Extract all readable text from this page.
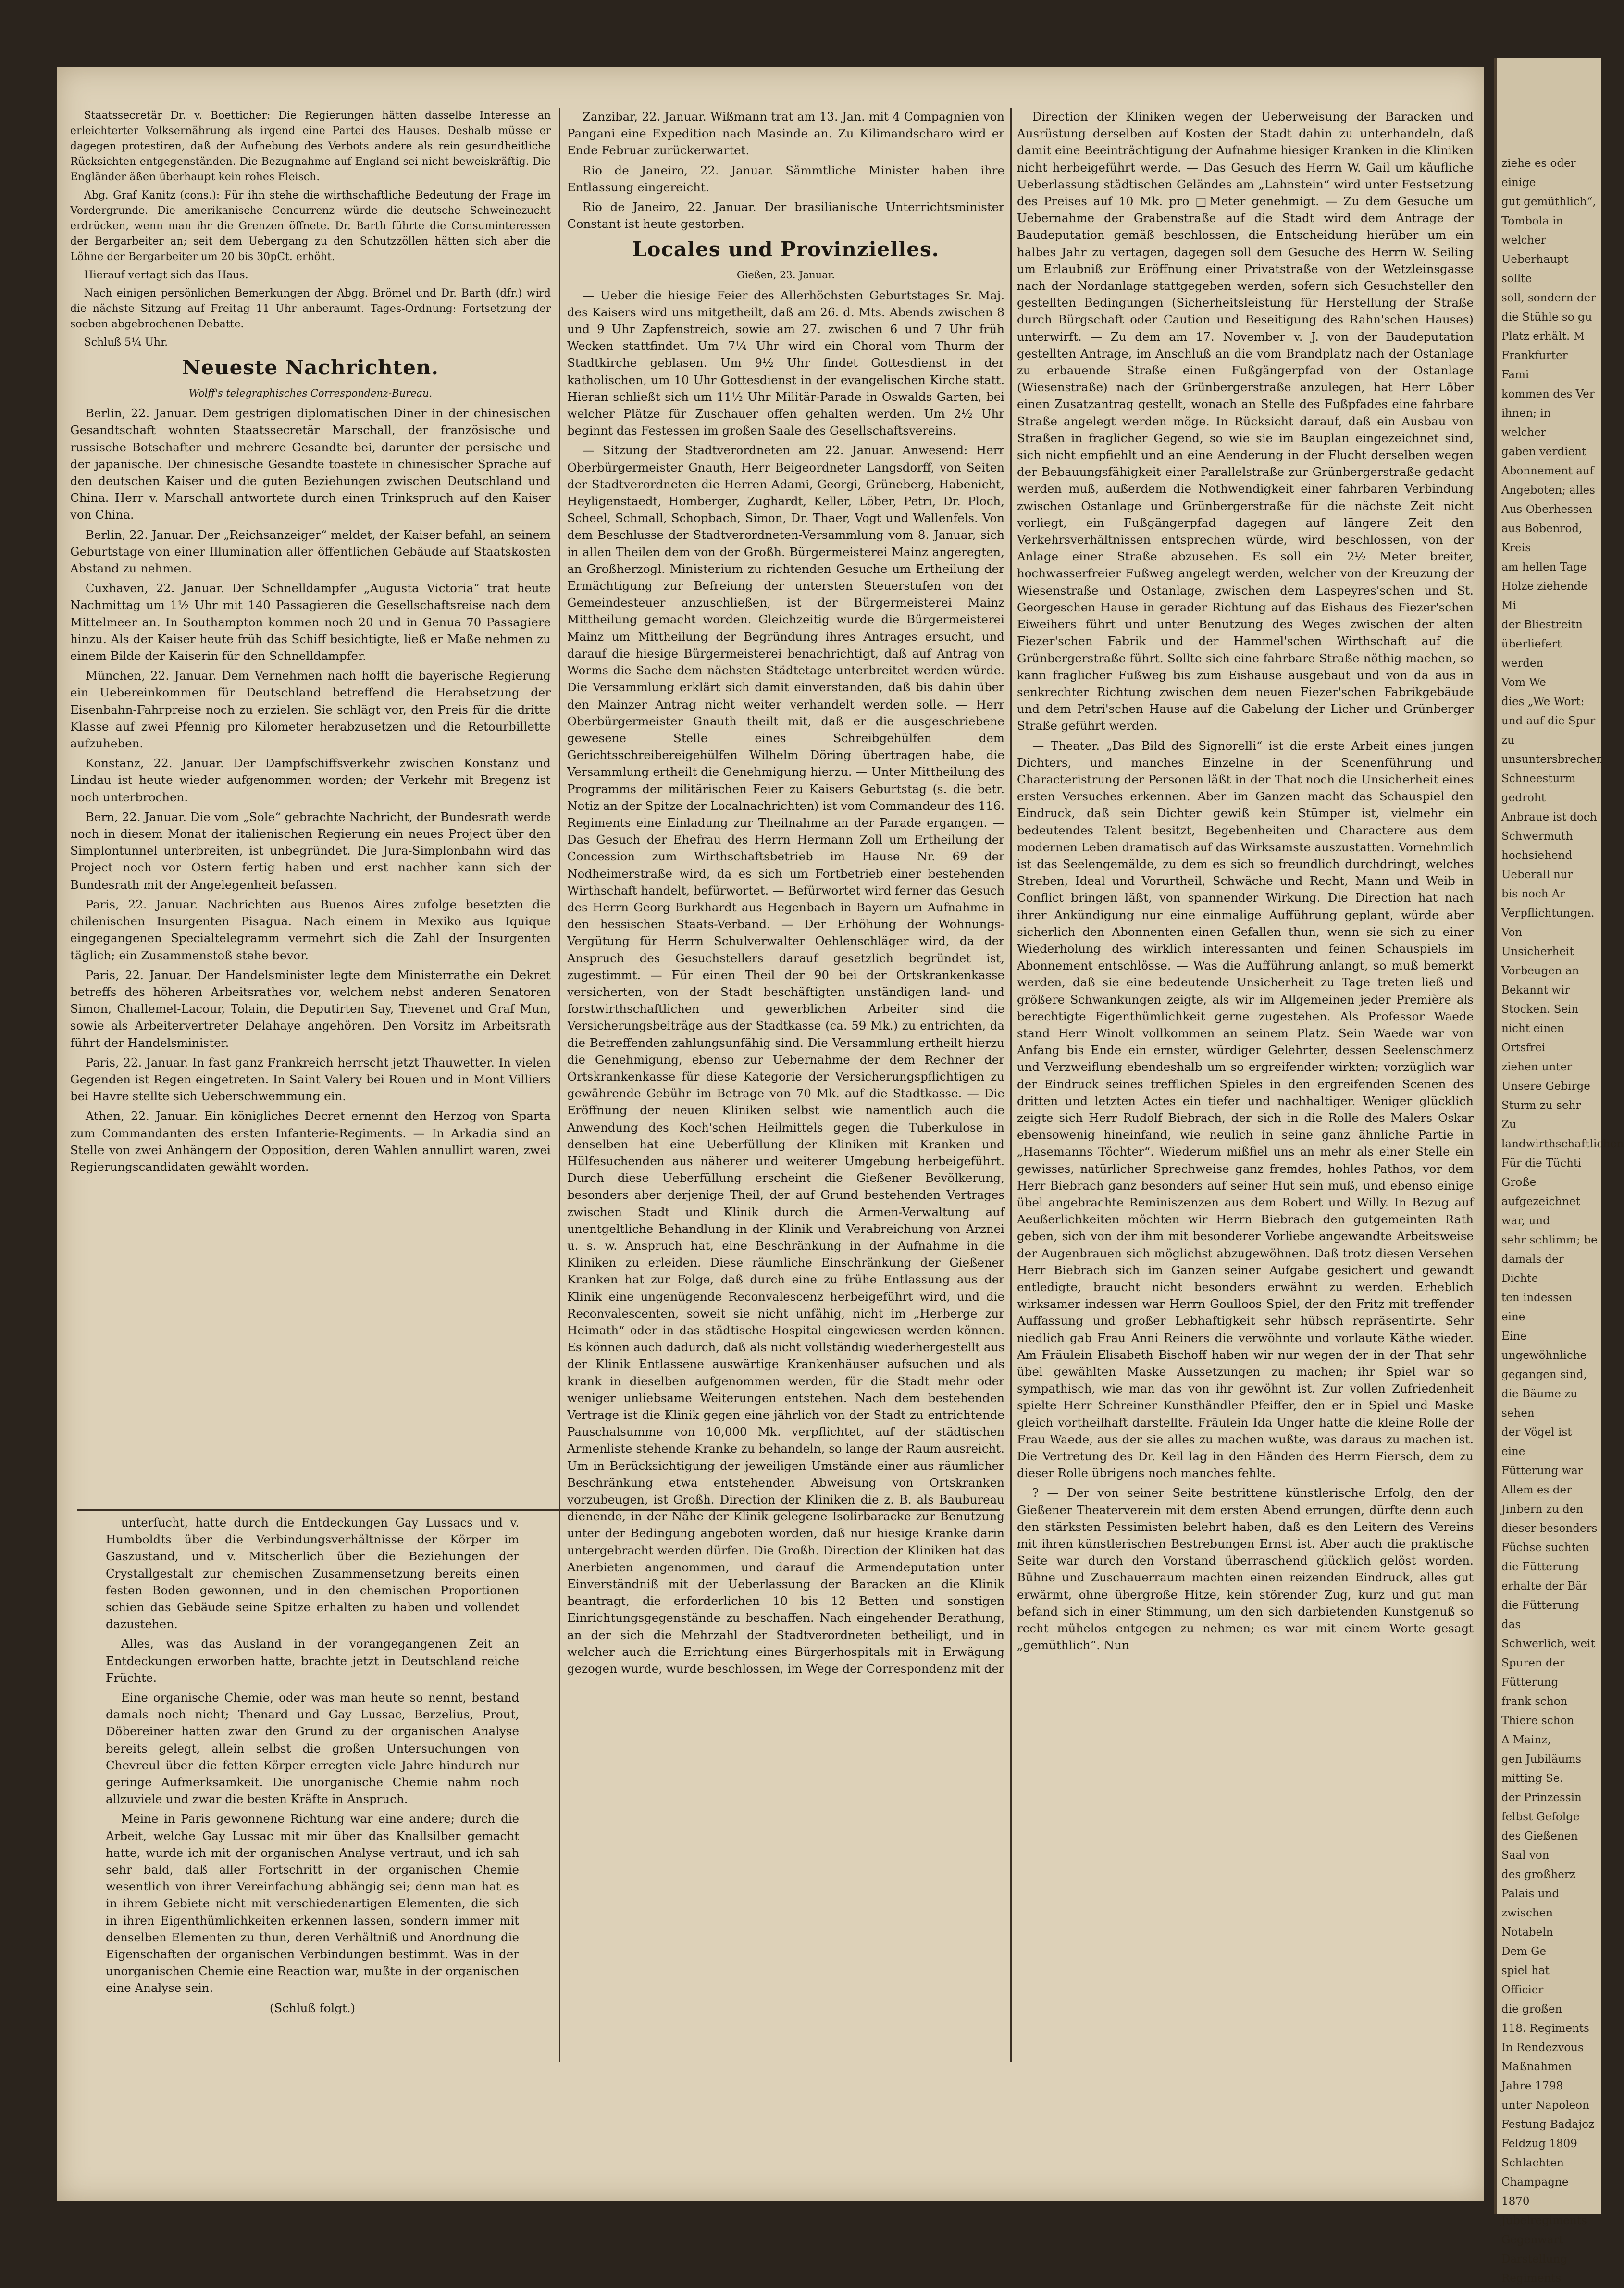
ziehe es oder einige
gut gemüthlich“,
Tombola in welcher
Ueberhaupt sollte
soll, sondern der
die Stühle so gu
Platz erhält. M
Frankfurter Fami
kommen des Ver
ihnen; in welcher
gaben verdient
Abonnement auf
Angeboten; alles
Aus Oberhessen
aus Bobenrod, Kreis
am hellen Tage
Holze ziehende Mi
der Bliestreitn
überliefert werden
Vom We
dies „We Wort:
und auf die Spur
zu unsuntersbrechen
Schneesturm gedroht
Anbraue ist doch
Schwermuth hochsiehend
Ueberall nur
bis noch Ar
Verpflichtungen.
Von Unsicherheit
Vorbeugen an
Bekannt wir
Stocken. Sein
nicht einen
Ortsfrei
ziehen unter
Unsere Gebirge
Sturm zu sehr
Zu landwirthschaftlichen
Für die Tüchti
Große aufgezeichnet
war, und
sehr schlimm; be
damals der Dichte
ten indessen eine
Eine ungewöhnliche
gegangen sind,
die Bäume zu sehen
der Vögel ist eine
Fütterung war
Allem es der
Jinbern zu den
dieser besonders
Füchse suchten
die Fütterung
erhalte der Bär
die Fütterung das
Schwerlich, weit
Spuren der Fütterung
frank schon
Thiere schon
Δ Mainz,
gen Jubiläums
mitting Se.
der Prinzessin
ſelbst Gefolge
des Gießenen
Saal von
des großherz
Palais und
zwischen
Notabeln
Dem Ge
spiel hat
Officier
die großen
118. Regiments
In Rendezvous
Maßnahmen
Jahre 1798
unter Napoleon
Festung Badajoz
Feldzug 1809
Schlachten
Champagne 1870
Jubelregiments
Gegenwart
Darstellung
Regiments

Staatssecretär Dr. v. Boetticher: Die Regierungen hätten dasselbe Interesse an erleichterter Volksernährung als irgend eine Partei des Hauses. Deshalb müsse er dagegen protestiren, daß der Aufhebung des Verbots andere als rein gesundheitliche Rücksichten entgegenständen. Die Bezugnahme auf England sei nicht beweiskräftig. Die Engländer äßen überhaupt kein rohes Fleisch.

Abg. Graf Kanitz (cons.): Für ihn stehe die wirthschaftliche Bedeutung der Frage im Vordergrunde. Die amerikanische Concurrenz würde die deutsche Schweinezucht erdrücken, wenn man ihr die Grenzen öffnete. Dr. Barth führte die Consuminteressen der Bergarbeiter an; seit dem Uebergang zu den Schutzzöllen hätten sich aber die Löhne der Bergarbeiter um 20 bis 30pCt. erhöht.

Hierauf vertagt sich das Haus.

Nach einigen persönlichen Bemerkungen der Abgg. Brömel und Dr. Barth (dfr.) wird die nächste Sitzung auf Freitag 11 Uhr anberaumt. Tages-Ordnung: Fortsetzung der soeben abgebrochenen Debatte.

Schluß 5¼ Uhr.

Neueste Nachrichten.

Wolff's telegraphisches Correspondenz-Bureau.

Berlin, 22. Januar. Dem gestrigen diplomatischen Diner in der chinesischen Gesandtschaft wohnten Staatssecretär Marschall, der französische und russische Botschafter und mehrere Gesandte bei, darunter der persische und der japanische. Der chinesische Gesandte toastete in chinesischer Sprache auf den deutschen Kaiser und die guten Beziehungen zwischen Deutschland und China. Herr v. Marschall antwortete durch einen Trinkspruch auf den Kaiser von China.

Berlin, 22. Januar. Der „Reichsanzeiger“ meldet, der Kaiser befahl, an seinem Geburtstage von einer Illumination aller öffentlichen Gebäude auf Staatskosten Abstand zu nehmen.

Cuxhaven, 22. Januar. Der Schnelldampfer „Augusta Victoria“ trat heute Nachmittag um 1½ Uhr mit 140 Passagieren die Gesellschaftsreise nach dem Mittelmeer an. In Southampton kommen noch 20 und in Genua 70 Passagiere hinzu. Als der Kaiser heute früh das Schiff besichtigte, ließ er Maße nehmen zu einem Bilde der Kaiserin für den Schnelldampfer.

München, 22. Januar. Dem Vernehmen nach hofft die bayerische Regierung ein Uebereinkommen für Deutschland betreffend die Herabsetzung der Eisenbahn-Fahrpreise noch zu erzielen. Sie schlägt vor, den Preis für die dritte Klasse auf zwei Pfennig pro Kilometer herabzusetzen und die Retourbillette aufzuheben.

Konstanz, 22. Januar. Der Dampfschiffsverkehr zwischen Konstanz und Lindau ist heute wieder aufgenommen worden; der Verkehr mit Bregenz ist noch unterbrochen.

Bern, 22. Januar. Die vom „Sole“ gebrachte Nachricht, der Bundesrath werde noch in diesem Monat der italienischen Regierung ein neues Project über den Simplontunnel unterbreiten, ist unbegründet. Die Jura-Simplonbahn wird das Project noch vor Ostern fertig haben und erst nachher kann sich der Bundesrath mit der Angelegenheit befassen.

Paris, 22. Januar. Nachrichten aus Buenos Aires zufolge besetzten die chilenischen Insurgenten Pisagua. Nach einem in Mexiko aus Iquique eingegangenen Specialtelegramm vermehrt sich die Zahl der Insurgenten täglich; ein Zusammenstoß stehe bevor.

Paris, 22. Januar. Der Handelsminister legte dem Ministerrathe ein Dekret betreffs des höheren Arbeitsrathes vor, welchem nebst anderen Senatoren Simon, Challemel-Lacour, Tolain, die Deputirten Say, Thevenet und Graf Mun, sowie als Arbeitervertreter Delahaye angehören. Den Vorsitz im Arbeitsrath führt der Handelsminister.

Paris, 22. Januar. In fast ganz Frankreich herrscht jetzt Thauwetter. In vielen Gegenden ist Regen eingetreten. In Saint Valery bei Rouen und in Mont Villiers bei Havre stellte sich Ueberschwemmung ein.

Athen, 22. Januar. Ein königliches Decret ernennt den Herzog von Sparta zum Commandanten des ersten Infanterie-Regiments. — In Arkadia sind an Stelle von zwei Anhängern der Opposition, deren Wahlen annullirt waren, zwei Regierungscandidaten gewählt worden.

Zanzibar, 22. Januar. Wißmann trat am 13. Jan. mit 4 Compagnien von Pangani eine Expedition nach Masinde an. Zu Kilimandscharo wird er Ende Februar zurückerwartet.

Rio de Janeiro, 22. Januar. Sämmtliche Minister haben ihre Entlassung eingereicht.

Rio de Janeiro, 22. Januar. Der brasilianische Unterrichtsminister Constant ist heute gestorben.

Locales und Provinzielles.

Gießen, 23. Januar.

— Ueber die hiesige Feier des Allerhöchsten Geburtstages Sr. Maj. des Kaisers wird uns mitgetheilt, daß am 26. d. Mts. Abends zwischen 8 und 9 Uhr Zapfenstreich, sowie am 27. zwischen 6 und 7 Uhr früh Wecken stattfindet. Um 7¼ Uhr wird ein Choral vom Thurm der Stadtkirche geblasen. Um 9½ Uhr findet Gottesdienst in der katholischen, um 10 Uhr Gottesdienst in der evangelischen Kirche statt. Hieran schließt sich um 11½ Uhr Militär-Parade in Oswalds Garten, bei welcher Plätze für Zuschauer offen gehalten werden. Um 2½ Uhr beginnt das Festessen im großen Saale des Gesellschaftsvereins.

— Sitzung der Stadtverordneten am 22. Januar. Anwesend: Herr Oberbürgermeister Gnauth, Herr Beigeordneter Langsdorff, von Seiten der Stadtverordneten die Herren Adami, Georgi, Grüneberg, Habenicht, Heyligenstaedt, Homberger, Zughardt, Keller, Löber, Petri, Dr. Ploch, Scheel, Schmall, Schopbach, Simon, Dr. Thaer, Vogt und Wallenfels. Von dem Beschlusse der Stadtverordneten-Versammlung vom 8. Januar, sich in allen Theilen dem von der Großh. Bürgermeisterei Mainz angeregten, an Großherzogl. Ministerium zu richtenden Gesuche um Ertheilung der Ermächtigung zur Befreiung der untersten Steuerstufen von der Gemeindesteuer anzuschließen, ist der Bürgermeisterei Mainz Mittheilung gemacht worden. Gleichzeitig wurde die Bürgermeisterei Mainz um Mittheilung der Begründung ihres Antrages ersucht, und darauf die hiesige Bürgermeisterei benachrichtigt, daß auf Antrag von Worms die Sache dem nächsten Städtetage unterbreitet werden würde. Die Versammlung erklärt sich damit einverstanden, daß bis dahin über den Mainzer Antrag nicht weiter verhandelt werden solle. — Herr Oberbürgermeister Gnauth theilt mit, daß er die ausgeschriebene gewesene Stelle eines Schreibgehülfen dem Gerichtsschreibereigehülfen Wilhelm Döring übertragen habe, die Versammlung ertheilt die Genehmigung hierzu. — Unter Mittheilung des Programms der militärischen Feier zu Kaisers Geburtstag (s. die betr. Notiz an der Spitze der Localnachrichten) ist vom Commandeur des 116. Regiments eine Einladung zur Theilnahme an der Parade ergangen. — Das Gesuch der Ehefrau des Herrn Hermann Zoll um Ertheilung der Concession zum Wirthschaftsbetrieb im Hause Nr. 69 der Nodheimerstraße wird, da es sich um Fortbetrieb einer bestehenden Wirthschaft handelt, befürwortet. — Befürwortet wird ferner das Gesuch des Herrn Georg Burkhardt aus Hegenbach in Bayern um Aufnahme in den hessischen Staats-Verband. — Der Erhöhung der Wohnungs-Vergütung für Herrn Schulverwalter Oehlenschläger wird, da der Anspruch des Gesuchstellers darauf gesetzlich begründet ist, zugestimmt. — Für einen Theil der 90 bei der Ortskrankenkasse versicherten, von der Stadt beschäftigten unständigen land- und forstwirthschaftlichen und gewerblichen Arbeiter sind die Versicherungsbeiträge aus der Stadtkasse (ca. 59 Mk.) zu entrichten, da die Betreffenden zahlungsunfähig sind. Die Versammlung ertheilt hierzu die Genehmigung, ebenso zur Uebernahme der dem Rechner der Ortskrankenkasse für diese Kategorie der Versicherungspflichtigen zu gewährende Gebühr im Betrage von 70 Mk. auf die Stadtkasse. — Die Eröffnung der neuen Kliniken selbst wie namentlich auch die Anwendung des Koch'schen Heilmittels gegen die Tuberkulose in denselben hat eine Ueberfüllung der Kliniken mit Kranken und Hülfesuchenden aus näherer und weiterer Umgebung herbeigeführt. Durch diese Ueberfüllung erscheint die Gießener Bevölkerung, besonders aber derjenige Theil, der auf Grund bestehenden Vertrages zwischen Stadt und Klinik durch die Armen-Verwaltung auf unentgeltliche Behandlung in der Klinik und Verabreichung von Arznei u. s. w. Anspruch hat, eine Beschränkung in der Aufnahme in die Kliniken zu erleiden. Diese räumliche Einschränkung der Gießener Kranken hat zur Folge, daß durch eine zu frühe Entlassung aus der Klinik eine ungenügende Reconvalescenz herbeigeführt wird, und die Reconvalescenten, soweit sie nicht unfähig, nicht im „Herberge zur Heimath“ oder in das städtische Hospital eingewiesen werden können. Es können auch dadurch, daß als nicht vollständig wiederhergestellt aus der Klinik Entlassene auswärtige Krankenhäuser aufsuchen und als krank in dieselben aufgenommen werden, für die Stadt mehr oder weniger unliebsame Weiterungen entstehen. Nach dem bestehenden Vertrage ist die Klinik gegen eine jährlich von der Stadt zu entrichtende Pauschalsumme von 10,000 Mk. verpflichtet, auf der städtischen Armenliste stehende Kranke zu behandeln, so lange der Raum ausreicht. Um in Berücksichtigung der jeweiligen Umstände einer aus räumlicher Beschränkung etwa entstehenden Abweisung von Ortskranken vorzubeugen, ist Großh. Direction der Kliniken die z. B. als Baubureau dienende, in der Nähe der Klinik gelegene Isolirbaracke zur Benutzung unter der Bedingung angeboten worden, daß nur hiesige Kranke darin untergebracht werden dürfen. Die Großh. Direction der Kliniken hat das Anerbieten angenommen, und darauf die Armendeputation unter Einverständniß mit der Ueberlassung der Baracken an die Klinik beantragt, die erforderlichen 10 bis 12 Betten und sonstigen Einrichtungsgegenstände zu beschaffen. Nach eingehender Berathung, an der sich die Mehrzahl der Stadtverordneten betheiligt, und in welcher auch die Errichtung eines Bürgerhospitals mit in Erwägung gezogen wurde, wurde beschlossen, im Wege der Correspondenz mit der

Direction der Kliniken wegen der Ueberweisung der Baracken und Ausrüstung derselben auf Kosten der Stadt dahin zu unterhandeln, daß damit eine Beeinträchtigung der Aufnahme hiesiger Kranken in die Kliniken nicht herbeigeführt werde. — Das Gesuch des Herrn W. Gail um käufliche Ueberlassung städtischen Geländes am „Lahnstein“ wird unter Festsetzung des Preises auf 10 Mk. pro □Meter genehmigt. — Zu dem Gesuche um Uebernahme der Grabenstraße auf die Stadt wird dem Antrage der Baudeputation gemäß beschlossen, die Entscheidung hierüber um ein halbes Jahr zu vertagen, dagegen soll dem Gesuche des Herrn W. Seiling um Erlaubniß zur Eröffnung einer Privatstraße von der Wetzleinsgasse nach der Nordanlage stattgegeben werden, sofern sich Gesuchsteller den gestellten Bedingungen (Sicherheitsleistung für Herstellung der Straße durch Bürgschaft oder Caution und Beseitigung des Rahn'schen Hauses) unterwirft. — Zu dem am 17. November v. J. von der Baudeputation gestellten Antrage, im Anschluß an die vom Brandplatz nach der Ostanlage zu erbauende Straße einen Fußgängerpfad von der Ostanlage (Wiesenstraße) nach der Grünbergerstraße anzulegen, hat Herr Löber einen Zusatzantrag gestellt, wonach an Stelle des Fußpfades eine fahrbare Straße angelegt werden möge. In Rücksicht darauf, daß ein Ausbau von Straßen in fraglicher Gegend, so wie sie im Bauplan eingezeichnet sind, sich nicht empfiehlt und an eine Aenderung in der Flucht derselben wegen der Bebauungsfähigkeit einer Parallelstraße zur Grünbergerstraße gedacht werden muß, außerdem die Nothwendigkeit einer fahrbaren Verbindung zwischen Ostanlage und Grünbergerstraße für die nächste Zeit nicht vorliegt, ein Fußgängerpfad dagegen auf längere Zeit den Verkehrsverhältnissen entsprechen würde, wird beschlossen, von der Anlage einer Straße abzusehen. Es soll ein 2½ Meter breiter, hochwasserfreier Fußweg angelegt werden, welcher von der Kreuzung der Wiesenstraße und Ostanlage, zwischen dem Laspeyres'schen und St. Georgeschen Hause in gerader Richtung auf das Eishaus des Fiezer'schen Eiweihers führt und unter Benutzung des Weges zwischen der alten Fiezer'schen Fabrik und der Hammel'schen Wirthschaft auf die Grünbergerstraße führt. Sollte sich eine fahrbare Straße nöthig machen, so kann fraglicher Fußweg bis zum Eishause ausgebaut und von da aus in senkrechter Richtung zwischen dem neuen Fiezer'schen Fabrikgebäude und dem Petri'schen Hause auf die Gabelung der Licher und Grünberger Straße geführt werden.

— Theater. „Das Bild des Signorelli“ ist die erste Arbeit eines jungen Dichters, und manches Einzelne in der Scenenführung und Characteristrung der Personen läßt in der That noch die Unsicherheit eines ersten Versuches erkennen. Aber im Ganzen macht das Schauspiel den Eindruck, daß sein Dichter gewiß kein Stümper ist, vielmehr ein bedeutendes Talent besitzt, Begebenheiten und Charactere aus dem modernen Leben dramatisch auf das Wirksamste auszustatten. Vornehmlich ist das Seelengemälde, zu dem es sich so freundlich durchdringt, welches Streben, Ideal und Vorurtheil, Schwäche und Recht, Mann und Weib in Conflict bringen läßt, von spannender Wirkung. Die Direction hat nach ihrer Ankündigung nur eine einmalige Aufführung geplant, würde aber sicherlich den Abonnenten einen Gefallen thun, wenn sie sich zu einer Wiederholung des wirklich interessanten und feinen Schauspiels im Abonnement entschlösse. — Was die Aufführung anlangt, so muß bemerkt werden, daß sie eine bedeutende Unsicherheit zu Tage treten ließ und größere Schwankungen zeigte, als wir im Allgemeinen jeder Première als berechtigte Eigenthümlichkeit gerne zugestehen. Als Professor Waede stand Herr Winolt vollkommen an seinem Platz. Sein Waede war von Anfang bis Ende ein ernster, würdiger Gelehrter, dessen Seelenschmerz und Verzweiflung ebendeshalb um so ergreifender wirkten; vorzüglich war der Eindruck seines trefflichen Spieles in den ergreifenden Scenen des dritten und letzten Actes ein tiefer und nachhaltiger. Weniger glücklich zeigte sich Herr Rudolf Biebrach, der sich in die Rolle des Malers Oskar ebensowenig hineinfand, wie neulich in seine ganz ähnliche Partie in „Hasemanns Töchter“. Wiederum mißfiel uns an mehr als einer Stelle ein gewisses, natürlicher Sprechweise ganz fremdes, hohles Pathos, vor dem Herr Biebrach ganz besonders auf seiner Hut sein muß, und ebenso einige übel angebrachte Reminiszenzen aus dem Robert und Willy. In Bezug auf Aeußerlichkeiten möchten wir Herrn Biebrach den gutgemeinten Rath geben, sich von der ihm mit besonderer Vorliebe angewandte Arbeitsweise der Augenbrauen sich möglichst abzugewöhnen. Daß trotz diesen Versehen Herr Biebrach sich im Ganzen seiner Aufgabe gesichert und gewandt entledigte, braucht nicht besonders erwähnt zu werden. Erheblich wirksamer indessen war Herrn Goulloos Spiel, der den Fritz mit treffender Auffassung und großer Lebhaftigkeit sehr hübsch repräsentirte. Sehr niedlich gab Frau Anni Reiners die verwöhnte und vorlaute Käthe wieder. Am Fräulein Elisabeth Bischoff haben wir nur wegen der in der That sehr übel gewählten Maske Aussetzungen zu machen; ihr Spiel war so sympathisch, wie man das von ihr gewöhnt ist. Zur vollen Zufriedenheit spielte Herr Schreiner Kunsthändler Pfeiffer, den er in Spiel und Maske gleich vortheilhaft darstellte. Fräulein Ida Unger hatte die kleine Rolle der Frau Waede, aus der sie alles zu machen wußte, was daraus zu machen ist. Die Vertretung des Dr. Keil lag in den Händen des Herrn Fiersch, dem zu dieser Rolle übrigens noch manches fehlte.

? — Der von seiner Seite bestrittene künstlerische Erfolg, den der Gießener Theaterverein mit dem ersten Abend errungen, dürfte denn auch den stärksten Pessimisten belehrt haben, daß es den Leitern des Vereins mit ihren künstlerischen Bestrebungen Ernst ist. Aber auch die praktische Seite war durch den Vorstand überraschend glücklich gelöst worden. Bühne und Zuschauerraum machten einen reizenden Eindruck, alles gut erwärmt, ohne übergroße Hitze, kein störender Zug, kurz und gut man befand sich in einer Stimmung, um den sich darbietenden Kunstgenuß so recht mühelos entgegen zu nehmen; es war mit einem Worte gesagt „gemüthlich“. Nun

unterſucht, hatte durch die Entdeckungen Gay Lussacs und v. Humboldts über die Verbindungsverhältnisse der Körper im Gaszustand, und v. Mitscherlich über die Beziehungen der Crystallgestalt zur chemischen Zusammensetzung bereits einen festen Boden gewonnen, und in den chemischen Proportionen schien das Gebäude seine Spitze erhalten zu haben und vollendet dazustehen.

Alles, was das Ausland in der vorangegangenen Zeit an Entdeckungen erworben hatte, brachte jetzt in Deutschland reiche Früchte.

Eine organische Chemie, oder was man heute so nennt, bestand damals noch nicht; Thenard und Gay Lussac, Berzelius, Prout, Döbereiner hatten zwar den Grund zu der organischen Analyse bereits gelegt, allein selbst die großen Untersuchungen von Chevreul über die fetten Körper erregten viele Jahre hindurch nur geringe Aufmerksamkeit. Die unorganische Chemie nahm noch allzuviele und zwar die besten Kräfte in Anspruch.

Meine in Paris gewonnene Richtung war eine andere; durch die Arbeit, welche Gay Lussac mit mir über das Knallsilber gemacht hatte, wurde ich mit der organischen Analyse vertraut, und ich sah sehr bald, daß aller Fortschritt in der organischen Chemie wesentlich von ihrer Vereinfachung abhängig sei; denn man hat es in ihrem Gebiete nicht mit verschiedenartigen Elementen, die sich in ihren Eigenthümlichkeiten erkennen lassen, sondern immer mit denselben Elementen zu thun, deren Verhältniß und Anordnung die Eigenschaften der organischen Verbindungen bestimmt. Was in der unorganischen Chemie eine Reaction war, mußte in der organischen eine Analyse sein.

(Schluß folgt.)
